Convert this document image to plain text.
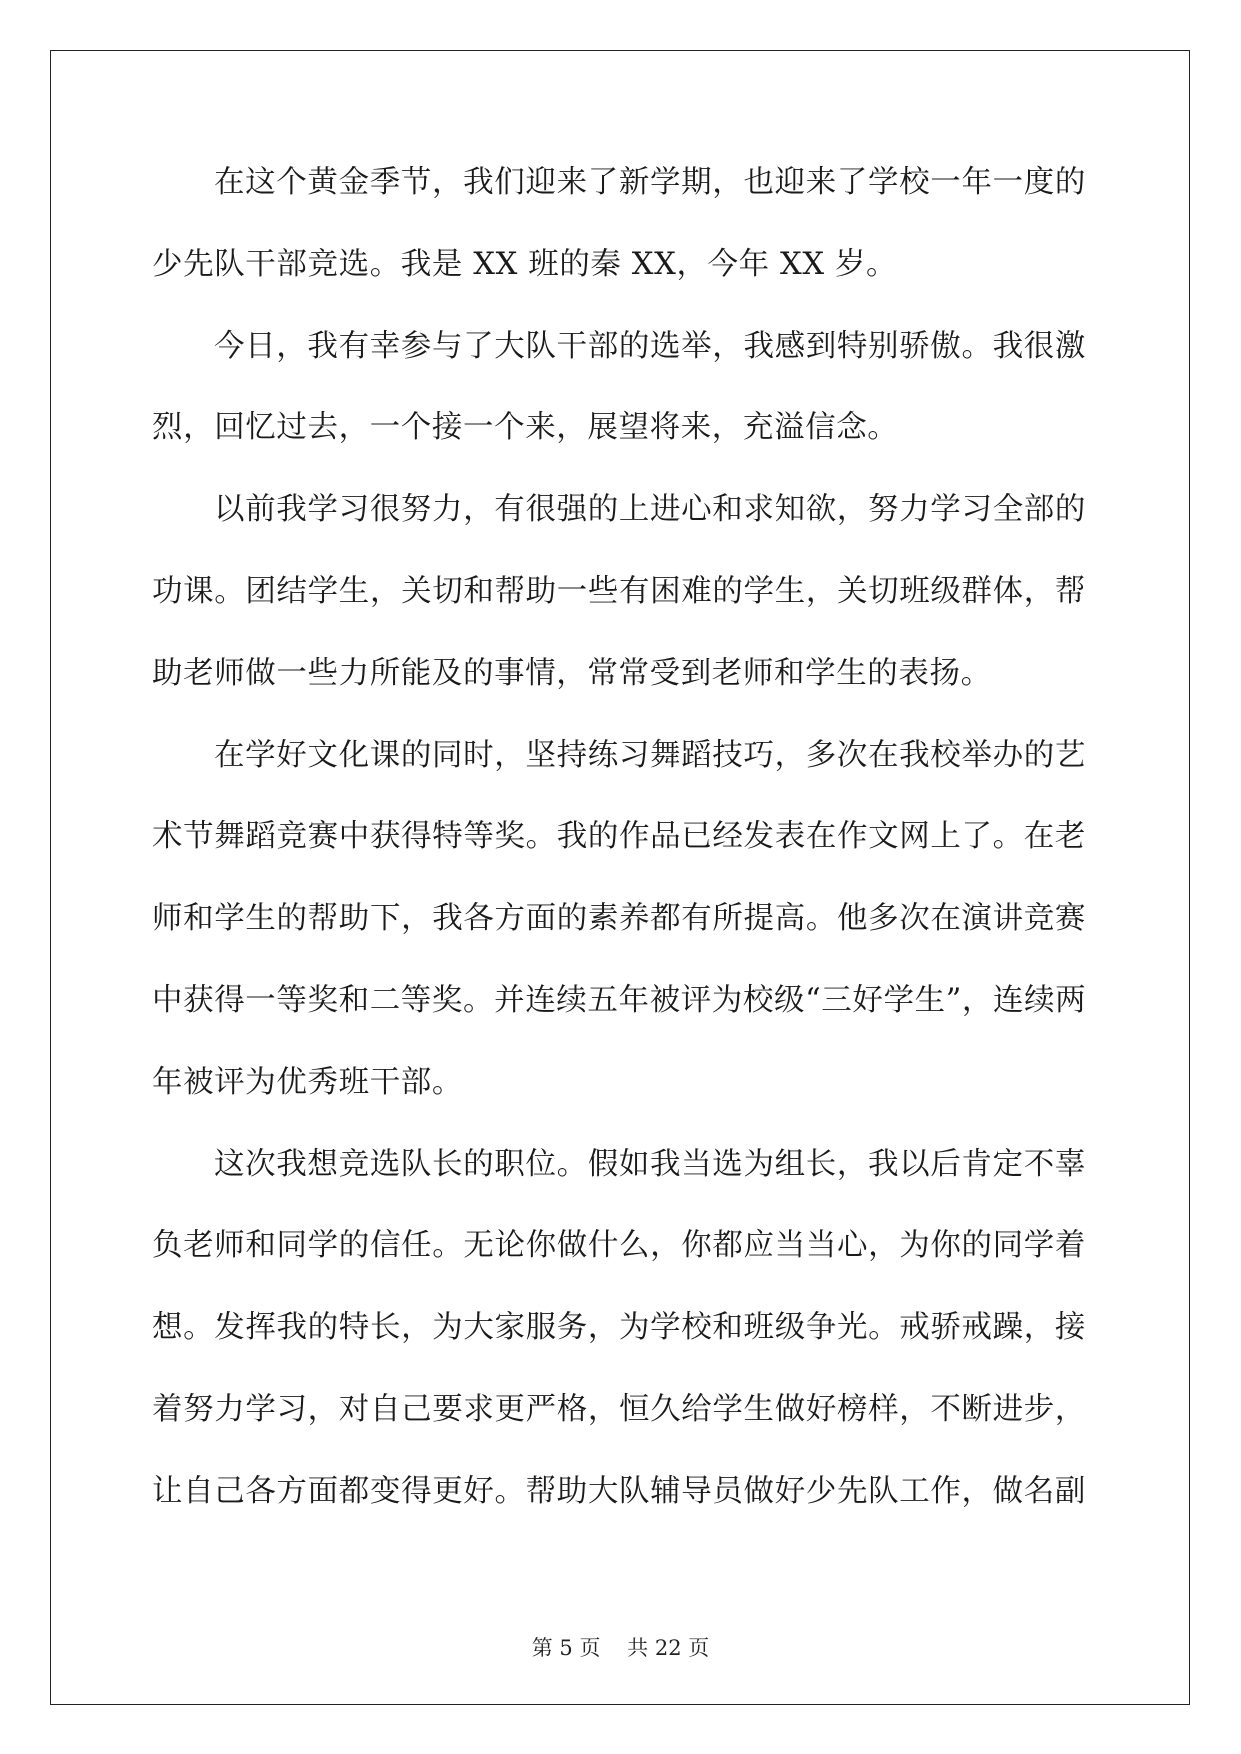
在这个黄金季节，我们迎来了新学期，也迎来了学校一年一度的
少先队干部竞选。我是 XX 班的秦 XX，今年 XX 岁。
今日，我有幸参与了大队干部的选举，我感到特别骄傲。我很激
烈，回忆过去，一个接一个来，展望将来，充溢信念。
以前我学习很努力，有很强的上进心和求知欲，努力学习全部的
功课。团结学生，关切和帮助一些有困难的学生，关切班级群体，帮
助老师做一些力所能及的事情，常常受到老师和学生的表扬。
在学好文化课的同时，坚持练习舞蹈技巧，多次在我校举办的艺
术节舞蹈竞赛中获得特等奖。我的作品已经发表在作文网上了。在老
师和学生的帮助下，我各方面的素养都有所提高。他多次在演讲竞赛
中获得一等奖和二等奖。并连续五年被评为校级“三好学生”，连续两
年被评为优秀班干部。
这次我想竞选队长的职位。假如我当选为组长，我以后肯定不辜
负老师和同学的信任。无论你做什么，你都应当当心，为你的同学着
想。发挥我的特长，为大家服务，为学校和班级争光。戒骄戒躁，接
着努力学习，对自己要求更严格，恒久给学生做好榜样，不断进步，
让自己各方面都变得更好。帮助大队辅导员做好少先队工作，做名副
第 5 页 共 22 页
